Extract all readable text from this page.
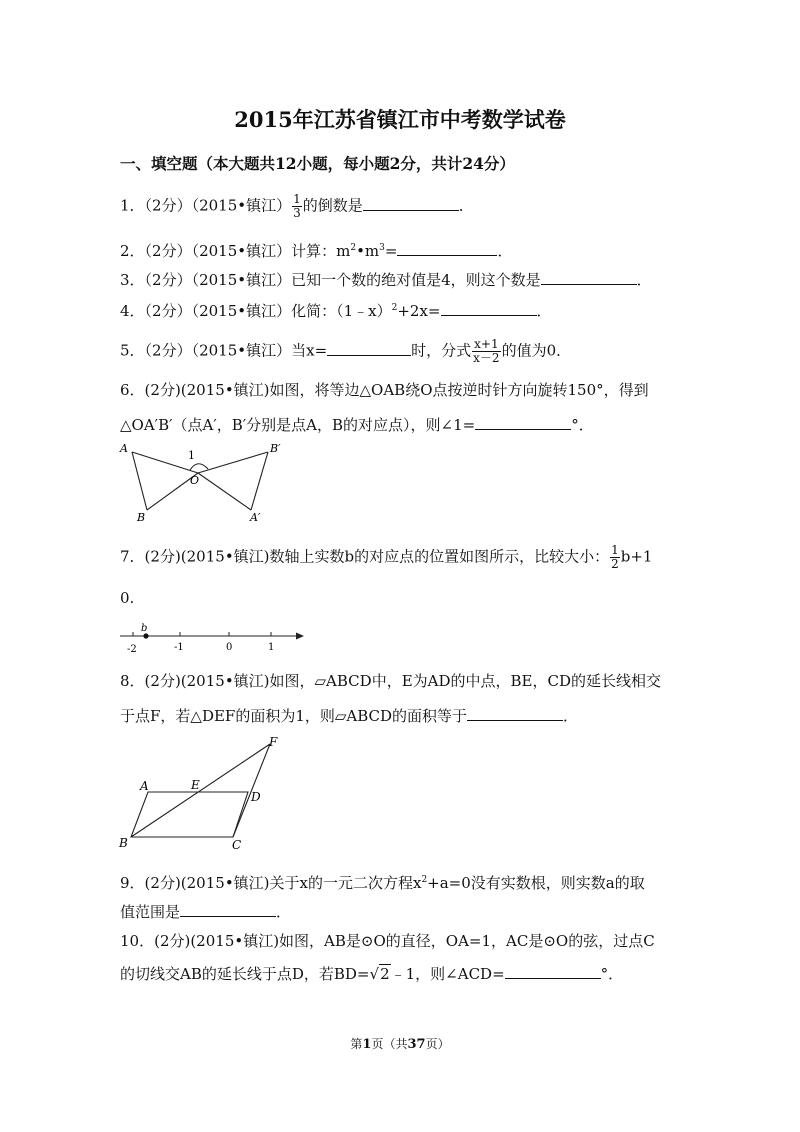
2015年江苏省镇江市中考数学试卷
一、填空题（本大题共12小题，每小题2分，共计24分）
1．（2分）（2015•镇江） $\frac{1}{3}$ 的倒数是	．
2．（2分）（2015•镇江）计算：$m^2•m^3=$	．
3．（2分）（2015•镇江）已知一个数的绝对值是4，则这个数是	．
4．（2分）（2015•镇江）化简：（1﹣x）$^2$+2x=	．
5．（2分）（2015•镇江）当x=	时，分式 $\frac{x+1}{x-2}$ 的值为0．
6．(2分)(2015•镇江)如图，将等边△OAB绕O点按逆时针方向旋转150°，得到
△OA′B′（点A′，B′分别是点A，B的对应点），则∠1=	°．
A
B
O
B′
A′
1
7．(2分)(2015•镇江)数轴上实数b的对应点的位置如图所示，比较大小： $\frac{1}{2} b+1$
0.
b
-2	-1	0	1
8．(2分)(2015•镇江)如图，▱ABCD中，E为AD的中点，BE，CD的延长线相交
于点F，若△DEF的面积为1，则▱ABCD的面积等于	．
A	E
D
B	C
F
9．(2分)(2015•镇江)关于x的一元二次方程$x^2+a=0$没有实数根，则实数a的取
值范围是	．
10．(2分)(2015•镇江)如图，AB是⊙O的直径，OA=1，AC是⊙O的弦，过点C
的切线交AB的延长线于点D，若BD=√2﹣1，则∠ACD=	°．
第1页（共37页）
